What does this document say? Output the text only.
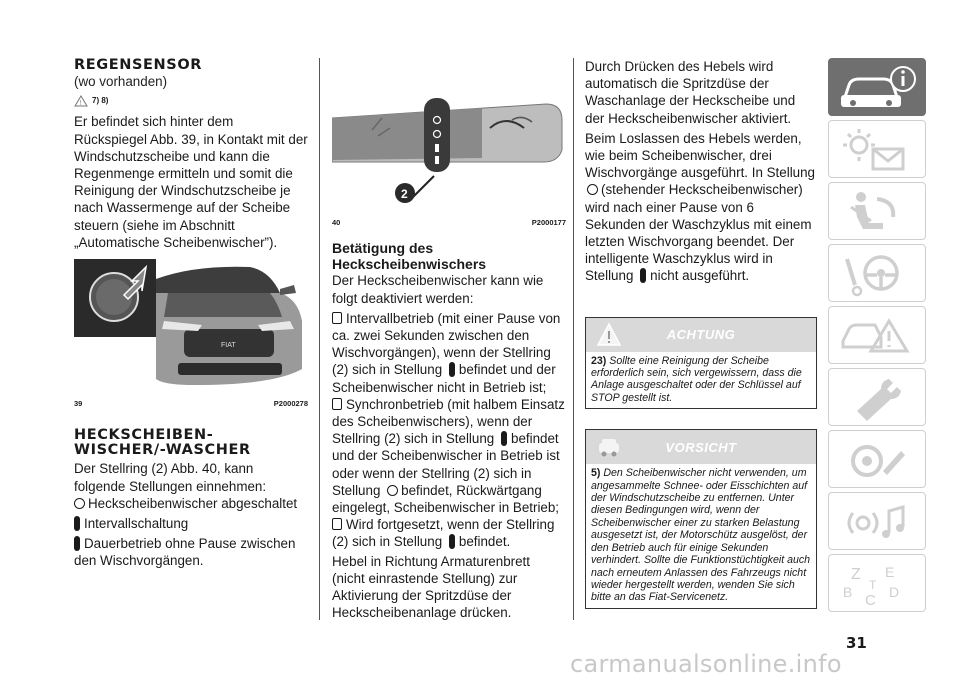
REGENSENSOR

(wo vorhanden)

! 7) 8)

Er befindet sich hinter dem Rückspiegel Abb. 39, in Kontakt mit der Windschutzscheibe und kann die Regenmenge ermitteln und somit die Reinigung der Windschutzscheibe je nach Wassermenge auf der Scheibe steuern (siehe im Abschnitt „Automatische Scheibenwischer”).

FIAT
39	P2000278
HECKSCHEIBEN-
WISCHER/-WASCHER

Der Stellring (2) Abb. 40, kann folgende Stellungen einnehmen:

Heckscheibenwischer abgeschaltet

Intervallschaltung

Dauerbetrieb ohne Pause zwischen den Wischvorgängen.

2
40	P2000177
Betätigung des
Heckscheibenwischers

Der Heckscheibenwischer kann wie folgt deaktiviert werden:

Intervallbetrieb (mit einer Pause von ca. zwei Sekunden zwischen den Wischvorgängen), wenn der Stellring (2) sich in Stellung befindet und der Scheibenwischer nicht in Betrieb ist;

Synchronbetrieb (mit halbem Einsatz des Scheibenwischers), wenn der Stellring (2) sich in Stellung befindet und der Scheibenwischer in Betrieb ist oder wenn der Stellring (2) sich in Stellung befindet, Rückwärtgang eingelegt, Scheibenwischer in Betrieb;

Wird fortgesetzt, wenn der Stellring (2) sich in Stellung befindet.

Hebel in Richtung Armaturenbrett (nicht einrastende Stellung) zur Aktivierung der Spritzdüse der Heckscheibenanlage drücken.

Durch Drücken des Hebels wird automatisch die Spritzdüse der Waschanlage der Heckscheibe und der Heckscheibenwischer aktiviert.

Beim Loslassen des Hebels werden, wie beim Scheibenwischer, drei Wischvorgänge ausgeführt. In Stellung (stehender Heckscheibenwischer) wird nach einer Pause von 6 Sekunden der Waschzyklus mit einem letzten Wischvorgang beendet. Der intelligente Waschzyklus wird in Stellung nicht ausgeführt.

ACHTUNG
23) Sollte eine Reinigung der Scheibe erforderlich sein, sich vergewissern, dass die Anlage ausgeschaltet oder der Schlüssel auf STOP gestellt ist.
VORSICHT
5) Den Scheibenwischer nicht verwenden, um angesammelte Schnee- oder Eisschichten auf der Windschutzscheibe zu entfernen. Unter diesen Bedingungen wird, wenn der Scheibenwischer einer zu starken Belastung ausgesetzt ist, der Motorschütz ausgelöst, der den Betrieb auch für einige Sekunden verhindert. Sollte die Funktionstüchtigkeit auch nach erneutem Anlassen des Fahrzeugs nicht wieder hergestellt werden, wenden Sie sich bitte an das Fiat-Servicenetz.
Z E
B C D
T
31
carmanualsonline.info
